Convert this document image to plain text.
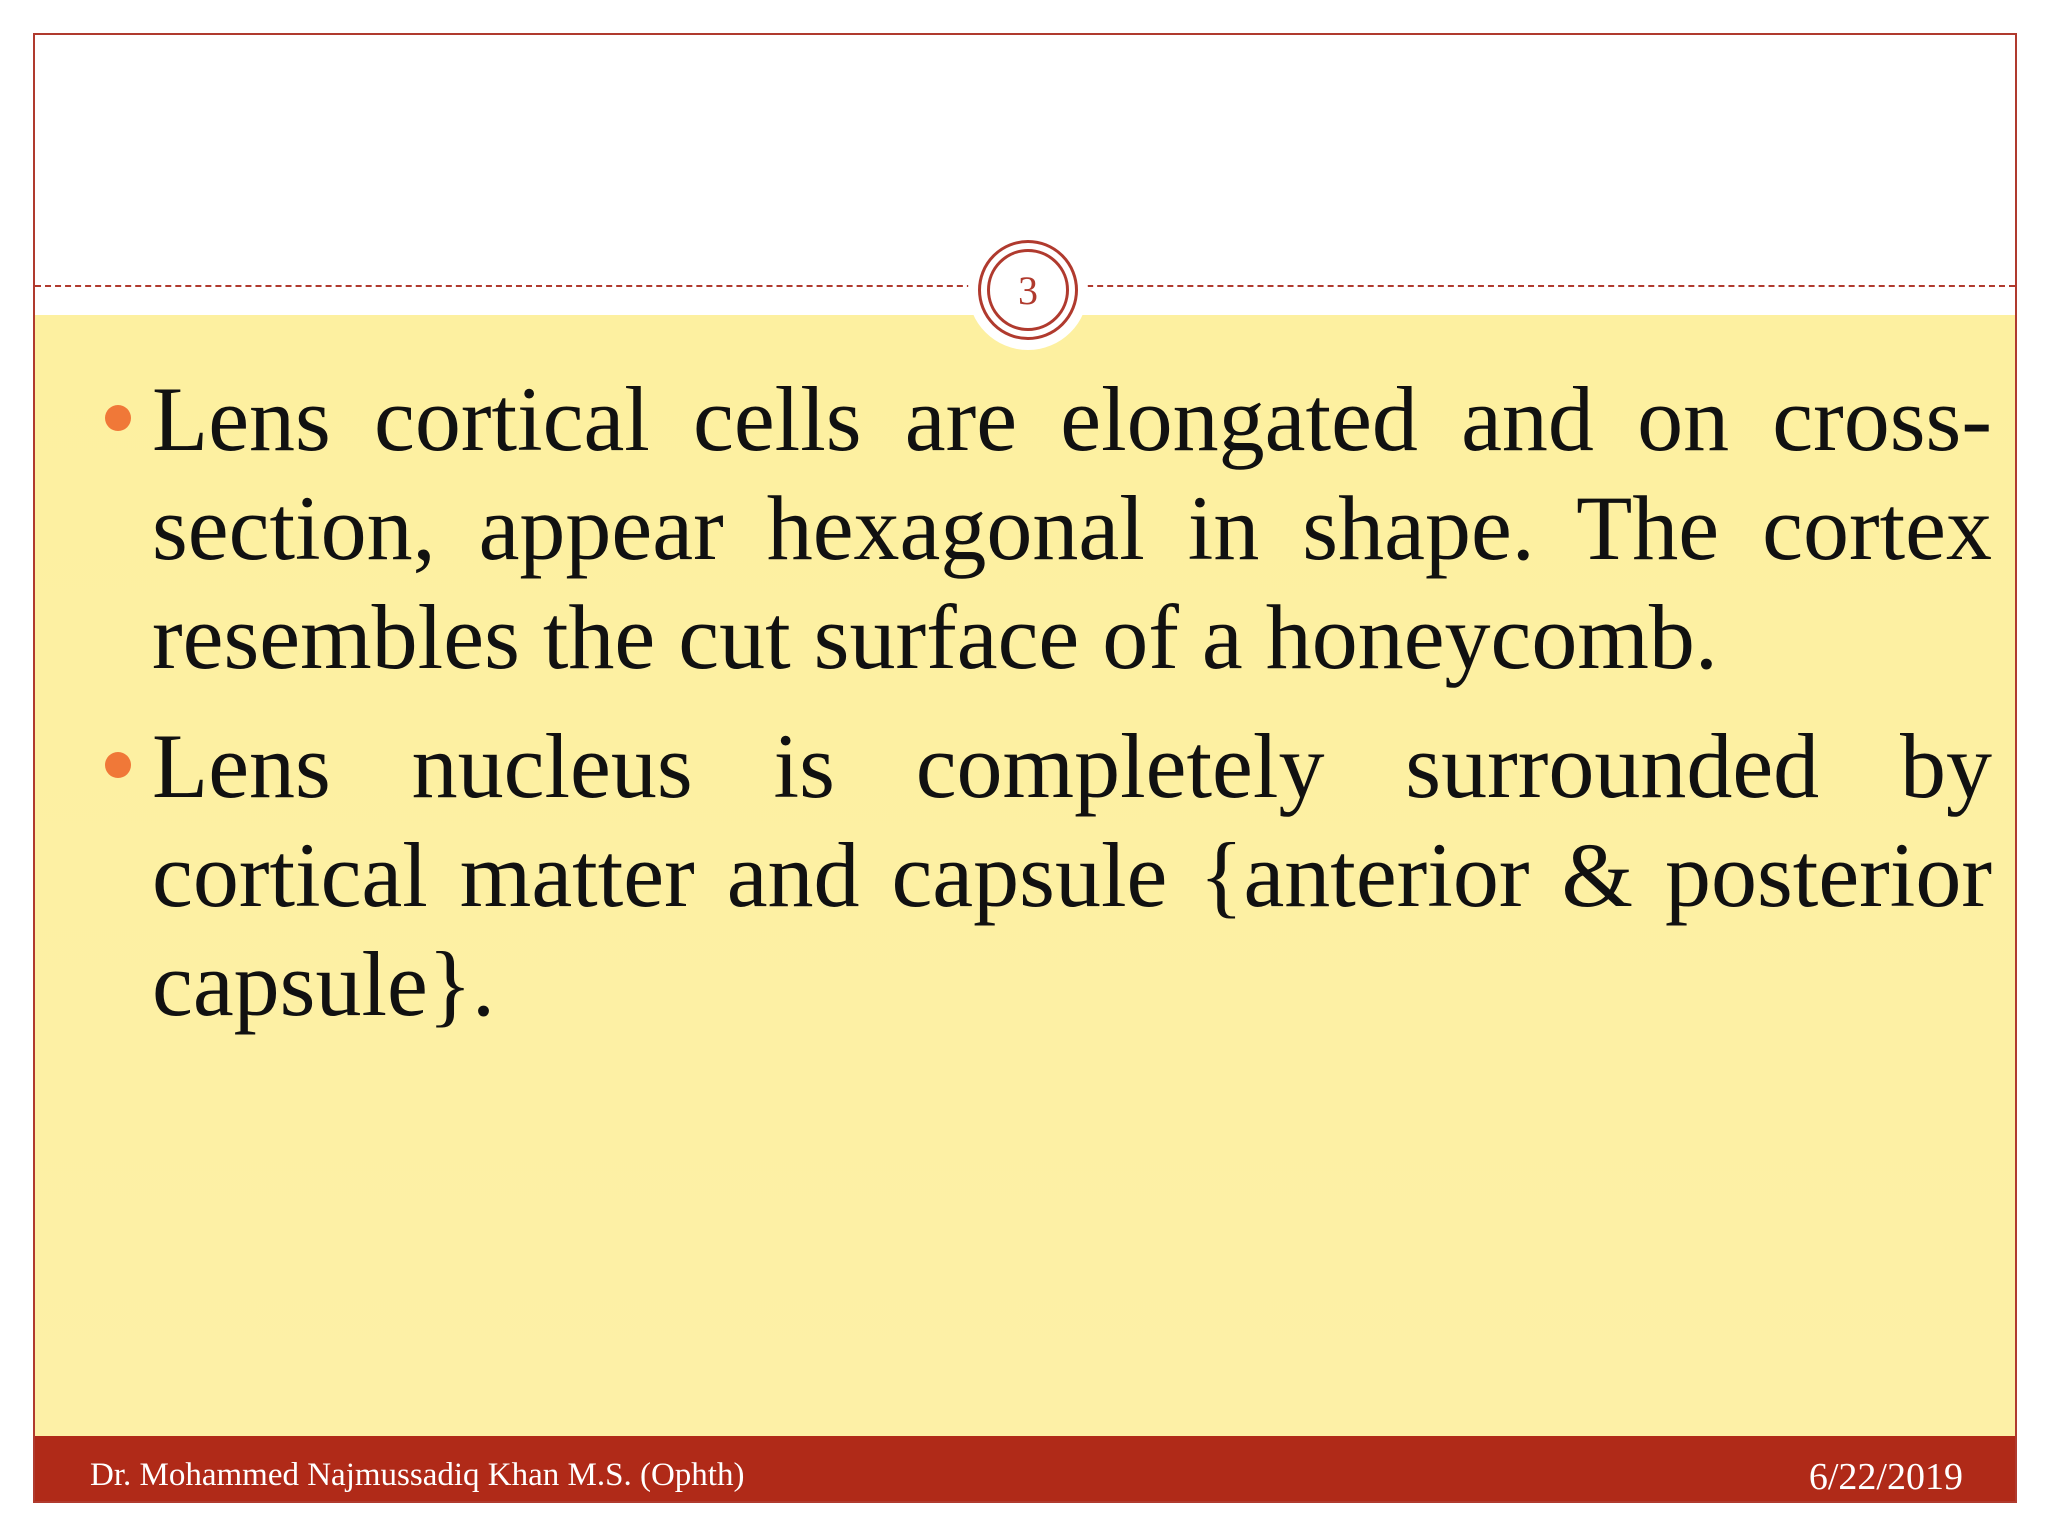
3
Lens cortical cells are elongated and on cross-section, appear hexagonal in shape. The cortex resembles the cut surface of a honeycomb.
Lens nucleus is completely surrounded by cortical matter and capsule {anterior & posterior capsule}.
Dr. Mohammed Najmussadiq Khan M.S. (Ophth)	6/22/2019
